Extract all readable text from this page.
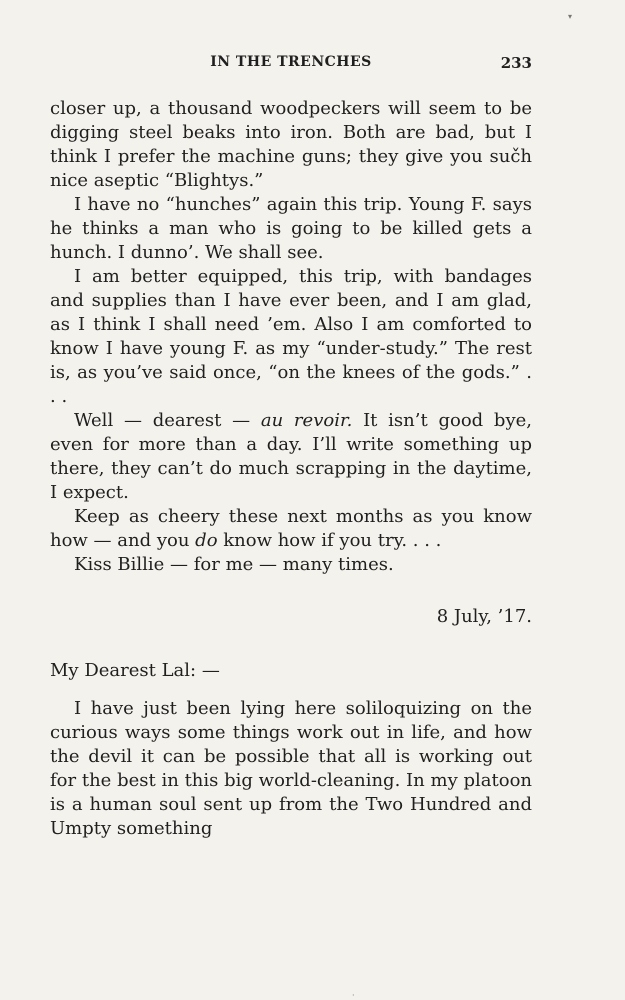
▾
IN THE TRENCHES	233

closer up, a thousand woodpeckers will seem to be digging steel beaks into iron. Both are bad, but I think I prefer the machine guns; they give you sučh nice aseptic “Blightys.”

I have no “hunches” again this trip. Young F. says he thinks a man who is going to be killed gets a hunch. I dunno’. We shall see.

I am better equipped, this trip, with bandages and supplies than I have ever been, and I am glad, as I think I shall need ’em. Also I am comforted to know I have young F. as my “under-study.” The rest is, as you’ve said once, “on the knees of the gods.” . . .

Well — dearest — au revoir. It isn’t good bye, even for more than a day. I’ll write something up there, they can’t do much scrapping in the daytime, I expect.

Keep as cheery these next months as you know how — and you do know how if you try. . . .

Kiss Billie — for me — many times.

8 July, ’17.

My Dearest Lal: —

I have just been lying here soliloquizing on the curious ways some things work out in life, and how the devil it can be possible that all is working out for the best in this big world-cleaning. In my platoon is a human soul sent up from the Two Hundred and Umpty something

·
